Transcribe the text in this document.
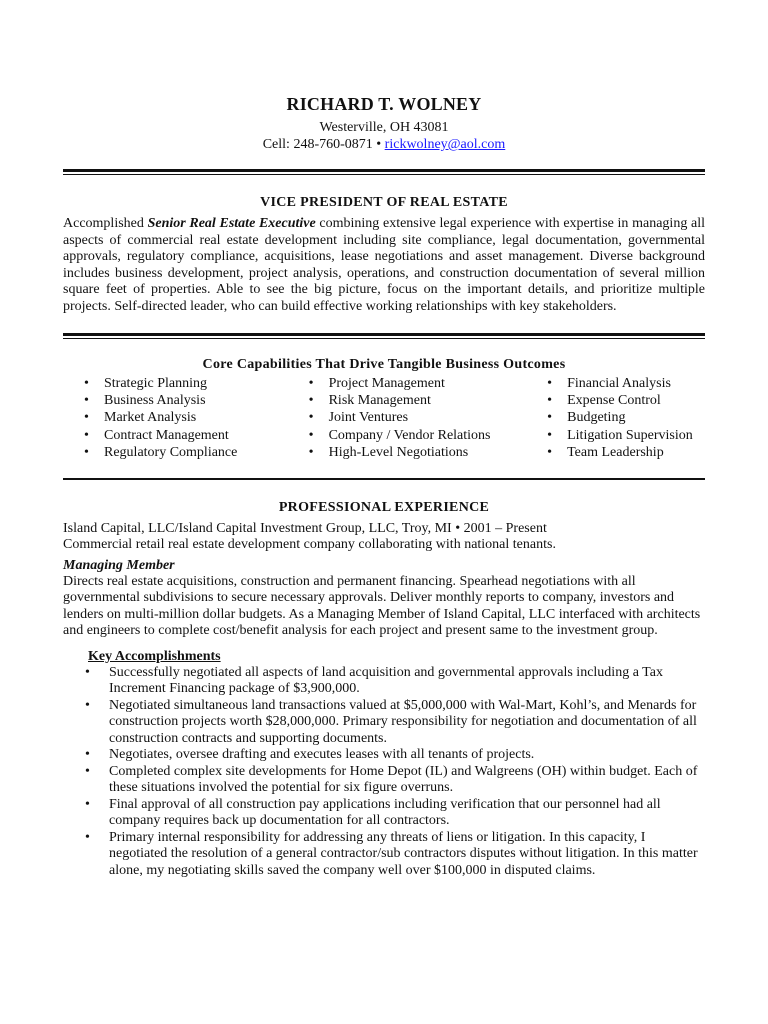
RICHARD T. WOLNEY
Westerville, OH 43081
Cell: 248-760-0871 • rickwolney@aol.com
VICE PRESIDENT OF REAL ESTATE
Accomplished Senior Real Estate Executive combining extensive legal experience with expertise in managing all aspects of commercial real estate development including site compliance, legal documentation, governmental approvals, regulatory compliance, acquisitions, lease negotiations and asset management. Diverse background includes business development, project analysis, operations, and construction documentation of several million square feet of properties. Able to see the big picture, focus on the important details, and prioritize multiple projects. Self-directed leader, who can build effective working relationships with key stakeholders.
Core Capabilities That Drive Tangible Business Outcomes
• Strategic Planning
• Business Analysis
• Market Analysis
• Contract Management
• Regulatory Compliance
• Project Management
• Risk Management
• Joint Ventures
• Company / Vendor Relations
• High-Level Negotiations
• Financial Analysis
• Expense Control
• Budgeting
• Litigation Supervision
• Team Leadership
PROFESSIONAL EXPERIENCE
Island Capital, LLC/Island Capital Investment Group, LLC, Troy, MI • 2001 – Present
Commercial retail real estate development company collaborating with national tenants.
Managing Member
Directs real estate acquisitions, construction and permanent financing. Spearhead negotiations with all governmental subdivisions to secure necessary approvals. Deliver monthly reports to company, investors and lenders on multi-million dollar budgets. As a Managing Member of Island Capital, LLC interfaced with architects and engineers to complete cost/benefit analysis for each project and present same to the investment group.
Key Accomplishments
• Successfully negotiated all aspects of land acquisition and governmental approvals including a Tax Increment Financing package of $3,900,000.
• Negotiated simultaneous land transactions valued at $5,000,000 with Wal-Mart, Kohl’s, and Menards for construction projects worth $28,000,000. Primary responsibility for negotiation and documentation of all construction contracts and supporting documents.
• Negotiates, oversee drafting and executes leases with all tenants of projects.
• Completed complex site developments for Home Depot (IL) and Walgreens (OH) within budget. Each of these situations involved the potential for six figure overruns.
• Final approval of all construction pay applications including verification that our personnel had all company requires back up documentation for all contractors.
• Primary internal responsibility for addressing any threats of liens or litigation. In this capacity, I negotiated the resolution of a general contractor/sub contractors disputes without litigation. In this matter alone, my negotiating skills saved the company well over $100,000 in disputed claims.
